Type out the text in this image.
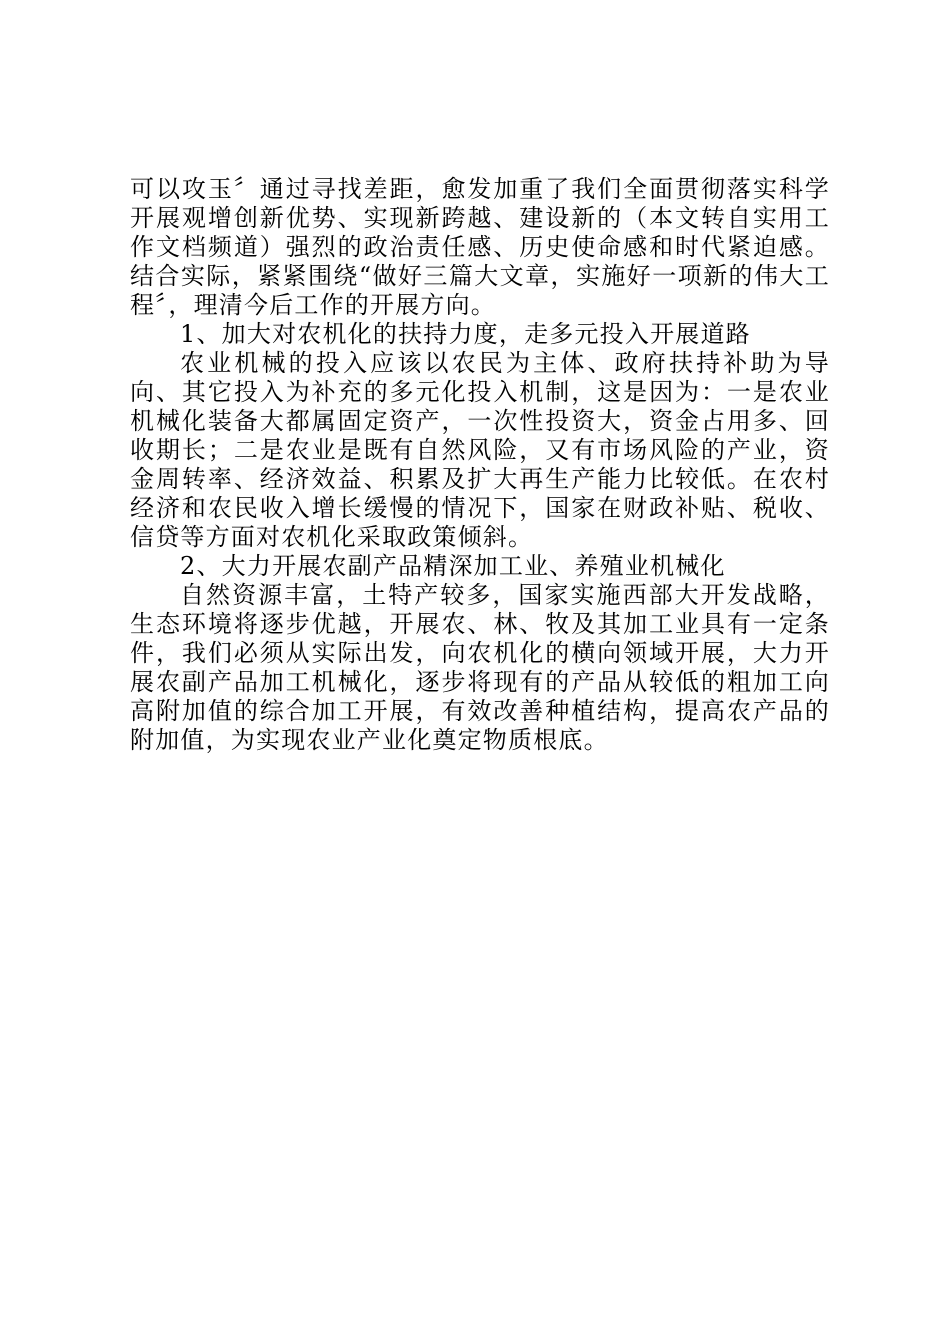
可以攻玉〞通过寻找差距，愈发加重了我们全面贯彻落实科学开展观增创新优势、实现新跨越、建设新的（本文转自实用工作文档频道）强烈的政治责任感、历史使命感和时代紧迫感。结合实际，紧紧围绕“做好三篇大文章，实施好一项新的伟大工程〞，理清今后工作的开展方向。

1、加大对农机化的扶持力度，走多元投入开展道路

农业机械的投入应该以农民为主体、政府扶持补助为导向、其它投入为补充的多元化投入机制，这是因为：一是农业机械化装备大都属固定资产，一次性投资大，资金占用多、回收期长；二是农业是既有自然风险，又有市场风险的产业，资金周转率、经济效益、积累及扩大再生产能力比较低。在农村经济和农民收入增长缓慢的情况下，国家在财政补贴、税收、信贷等方面对农机化采取政策倾斜。

2、大力开展农副产品精深加工业、养殖业机械化

自然资源丰富，土特产较多，国家实施西部大开发战略，生态环境将逐步优越，开展农、林、牧及其加工业具有一定条件，我们必须从实际出发，向农机化的横向领域开展，大力开展农副产品加工机械化，逐步将现有的产品从较低的粗加工向高附加值的综合加工开展，有效改善种植结构，提高农产品的附加值，为实现农业产业化奠定物质根底。
